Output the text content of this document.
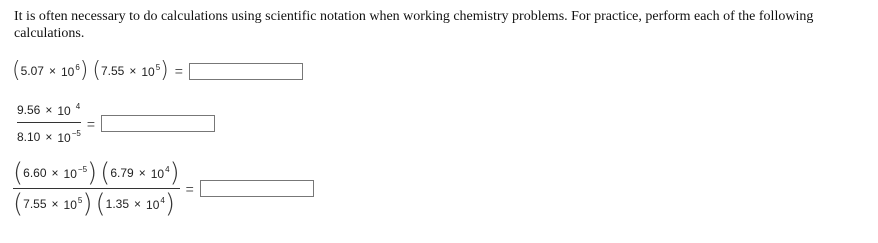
It is often necessary to do calculations using scientific notation when working chemistry problems. For practice, perform each of the following calculations.
( $5.07 \times 10^6$ ) ( $7.55 \times 10^5$ ) =
$\frac{9.56 \times 10 ^4}{8.10 \times 10^{-5}}$ =
( $6.60 \times 10^{-5}$ ) ( $6.79 \times 10^4$ )
( $7.55 \times 10^5$ ) ( $1.35 \times 10^4$ )
=
